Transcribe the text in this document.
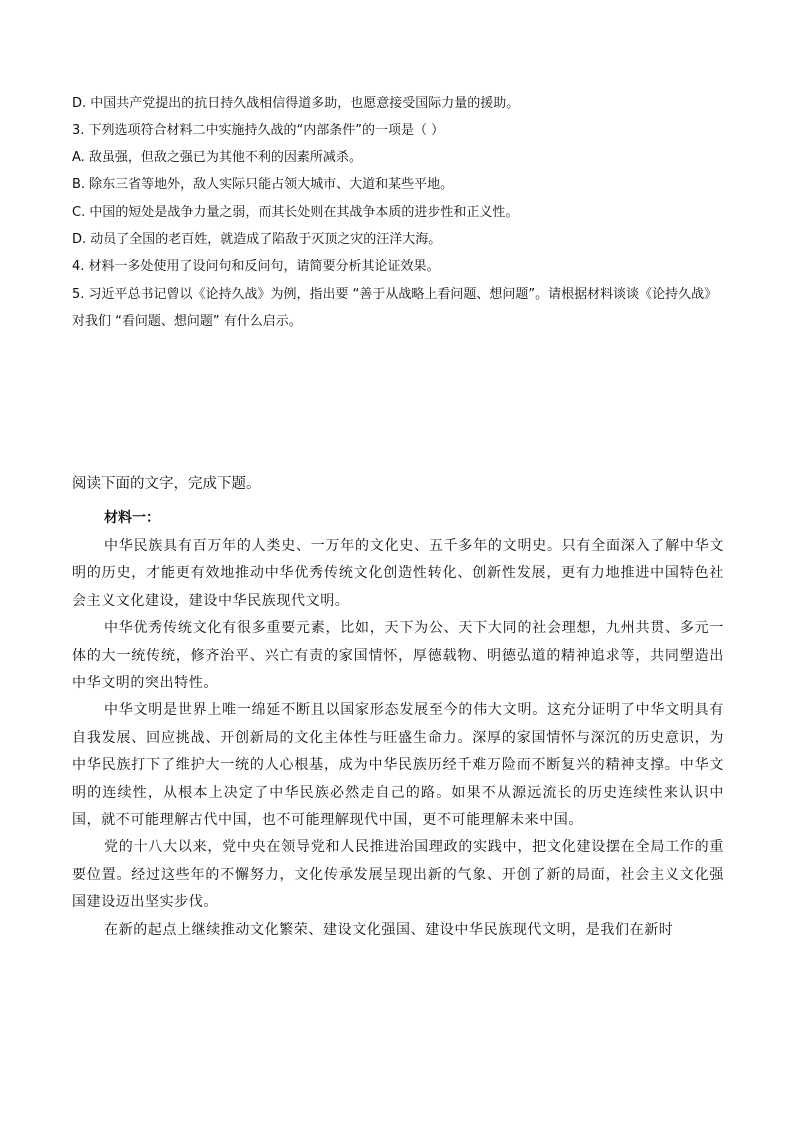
D. 中国共产党提出的抗日持久战相信得道多助，也愿意接受国际力量的援助。
3. 下列选项符合材料二中实施持久战的“内部条件”的一项是（ ）
A. 敌虽强，但敌之强已为其他不利的因素所减杀。
B. 除东三省等地外，敌人实际只能占领大城市、大道和某些平地。
C. 中国的短处是战争力量之弱，而其长处则在其战争本质的进步性和正义性。
D. 动员了全国的老百姓，就造成了陷敌于灭顶之灾的汪洋大海。
4. 材料一多处使用了设问句和反问句，请简要分析其论证效果。
5. 习近平总书记曾以《论持久战》为例，指出要 “善于从战略上看问题、想问题”。请根据材料谈谈《论持久战》对我们 “看问题、想问题” 有什么启示。
阅读下面的文字，完成下题。
材料一：

中华民族具有百万年的人类史、一万年的文化史、五千多年的文明史。只有全面深入了解中华文明的历史，才能更有效地推动中华优秀传统文化创造性转化、创新性发展，更有力地推进中国特色社会主义文化建设，建设中华民族现代文明。

中华优秀传统文化有很多重要元素，比如，天下为公、天下大同的社会理想，九州共贯、多元一体的大一统传统，修齐治平、兴亡有责的家国情怀，厚德载物、明德弘道的精神追求等，共同塑造出中华文明的突出特性。

中华文明是世界上唯一绵延不断且以国家形态发展至今的伟大文明。这充分证明了中华文明具有自我发展、回应挑战、开创新局的文化主体性与旺盛生命力。深厚的家国情怀与深沉的历史意识，为中华民族打下了维护大一统的人心根基，成为中华民族历经千难万险而不断复兴的精神支撑。中华文明的连续性，从根本上决定了中华民族必然走自己的路。如果不从源远流长的历史连续性来认识中国，就不可能理解古代中国，也不可能理解现代中国，更不可能理解未来中国。

党的十八大以来，党中央在领导党和人民推进治国理政的实践中，把文化建设摆在全局工作的重要位置。经过这些年的不懈努力，文化传承发展呈现出新的气象、开创了新的局面，社会主义文化强国建设迈出坚实步伐。

在新的起点上继续推动文化繁荣、建设文化强国、建设中华民族现代文明，是我们在新时
